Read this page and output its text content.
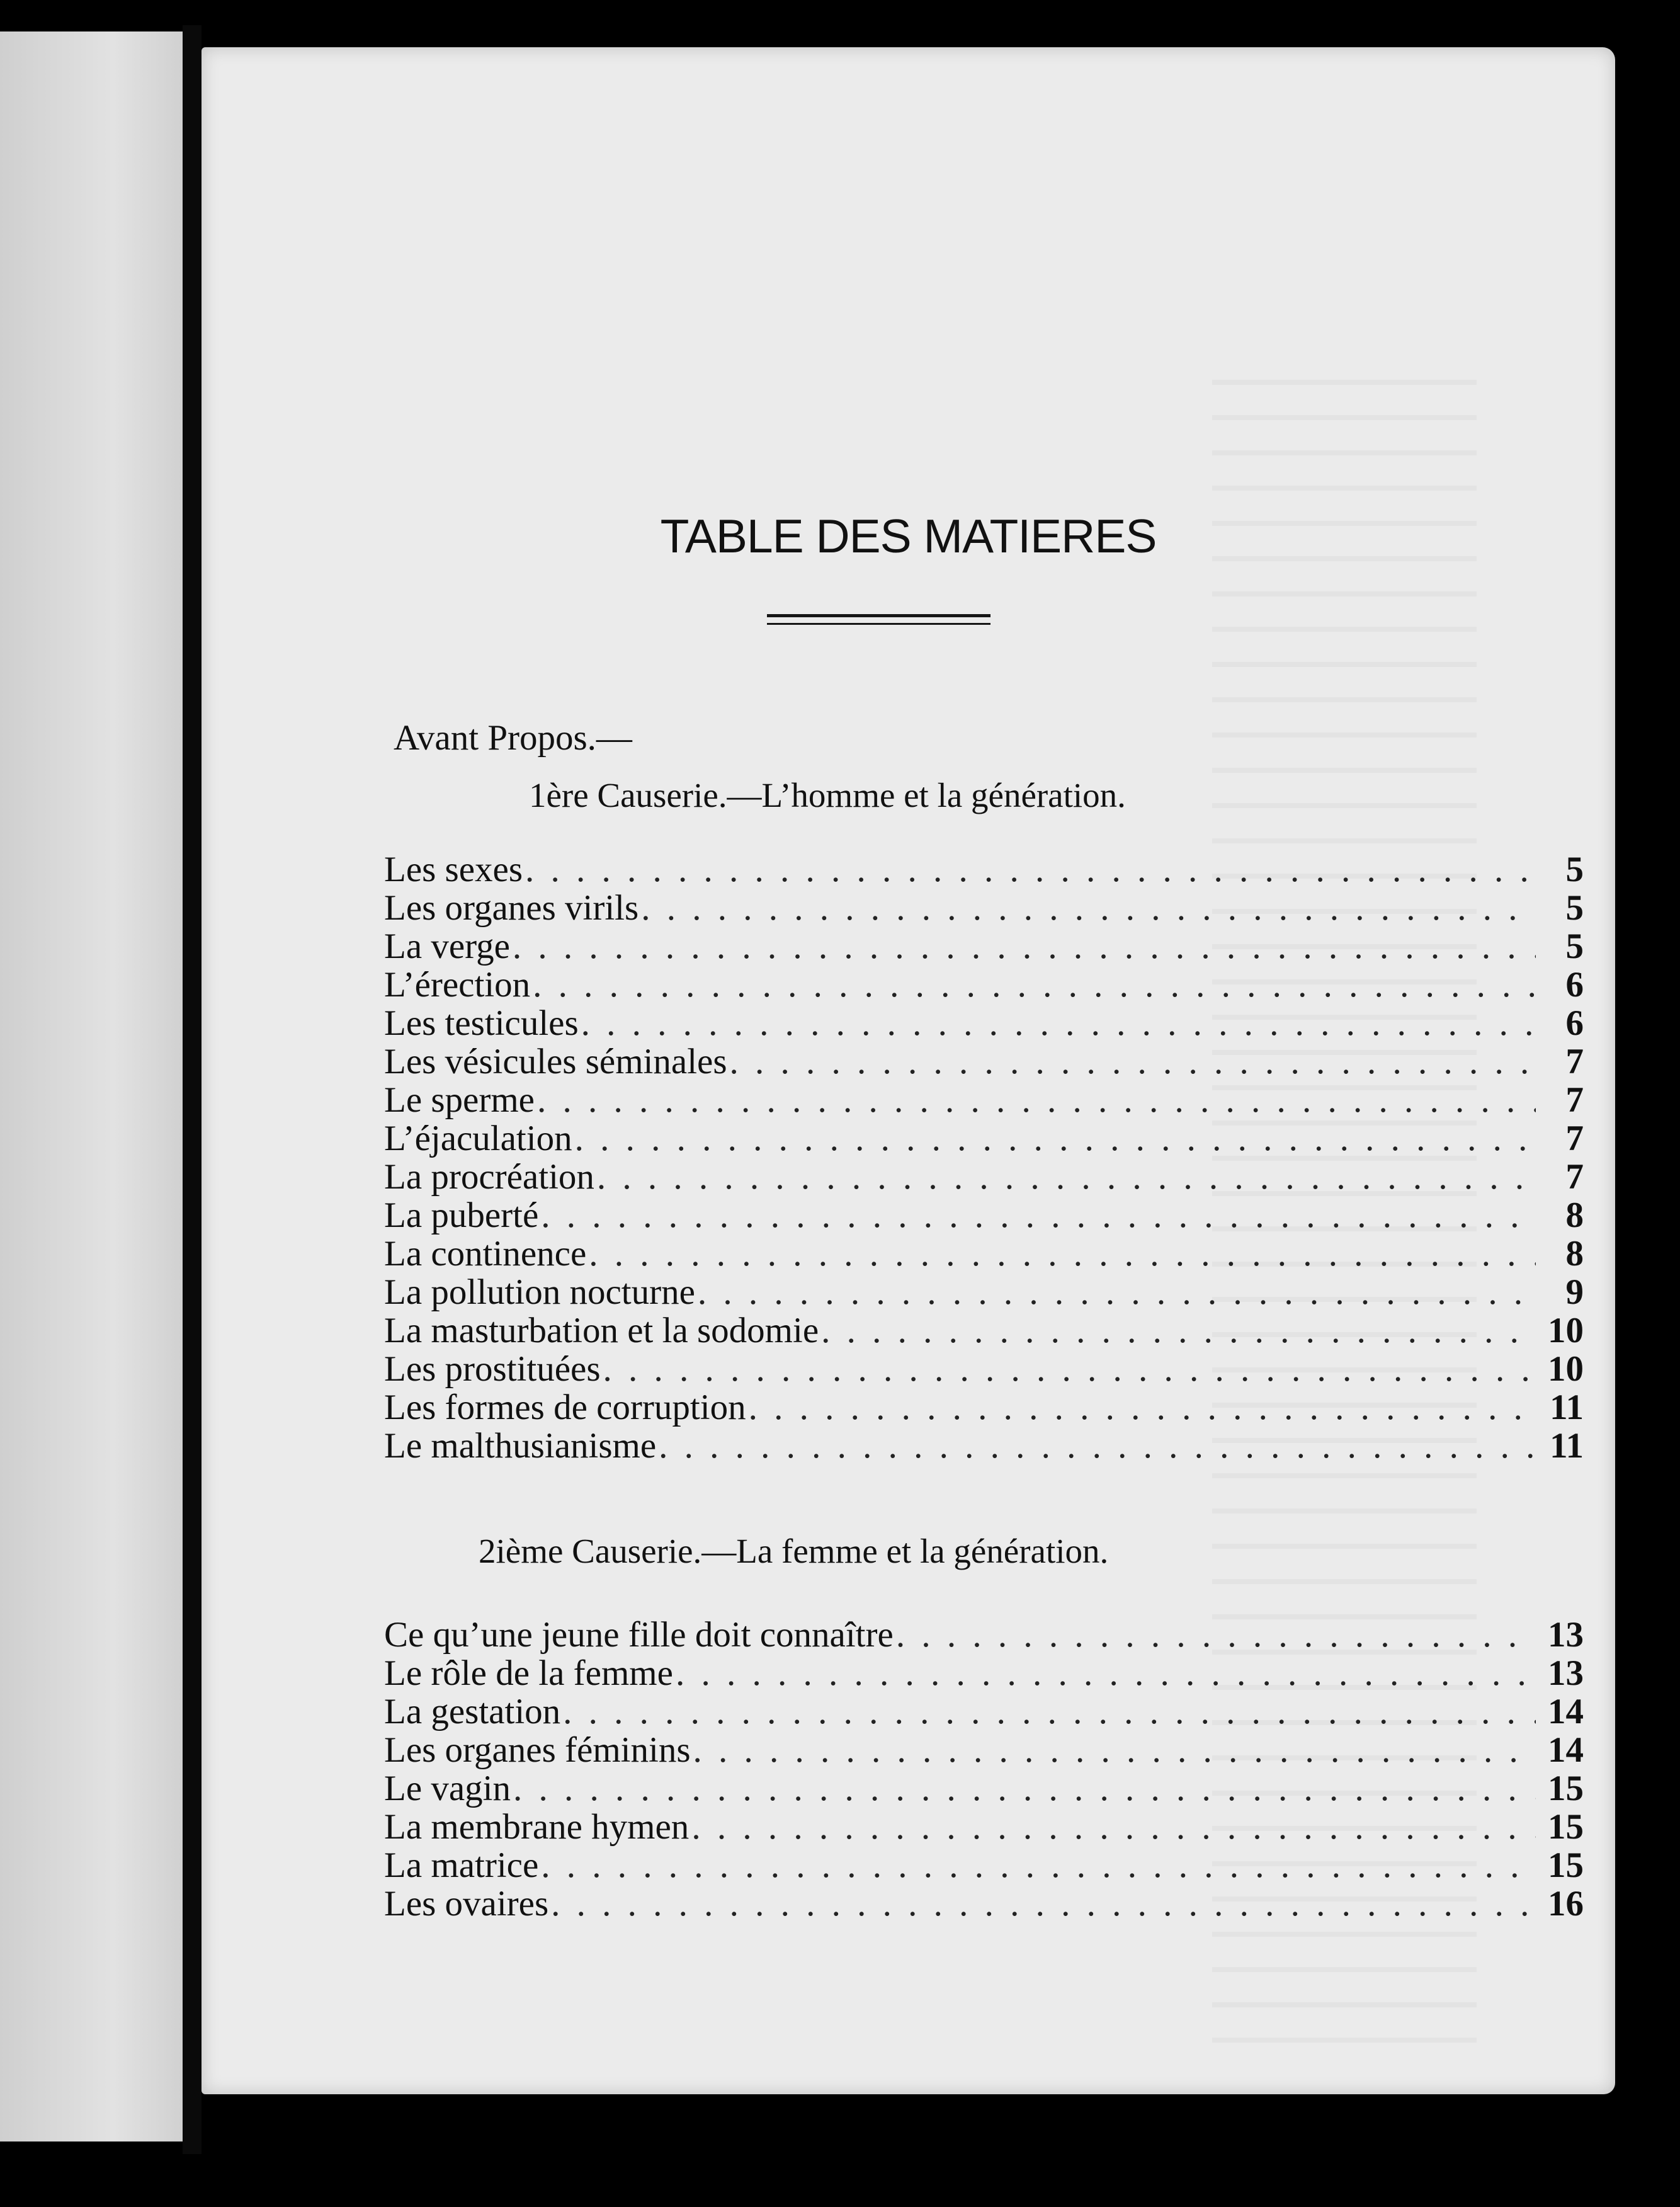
TABLE DES MATIERES
Avant Propos.—
1ère Causerie.—L’homme et la génération.
Les sexes . . .	5
Les organes virils . . .	5
La verge . . .	5
L’érection . . .	6
Les testicules . . .	6
Les vésicules séminales . . .	7
Le sperme . . .	7
L’éjaculation . . .	7
La procréation . . .	7
La puberté . . .	8
La continence . . .	8
La pollution nocturne . . .	9
La masturbation et la sodomie . . .	10
Les prostituées . . .	10
Les formes de corruption . . .	11
Le malthusianisme . . .	11
2ième Causerie.—La femme et la génération.
Ce qu’une jeune fille doit connaître . . .	13
Le rôle de la femme . . .	13
La gestation . . .	14
Les organes féminins . . .	14
Le vagin . . .	15
La membrane hymen . . .	15
La matrice . . .	15
Les ovaires . . .	16
